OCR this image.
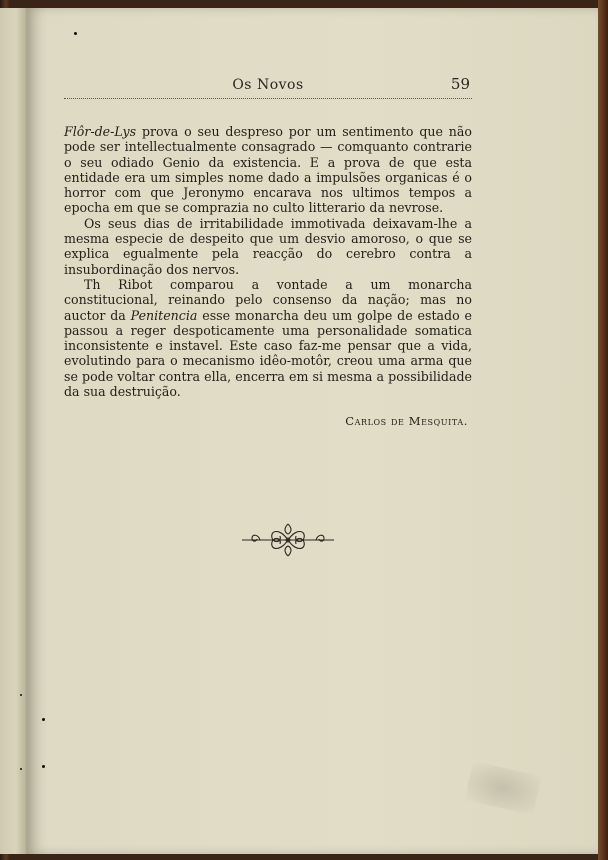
Os Novos	59

Flôr-de-Lys prova o seu despreso por um sentimento que não pode ser intellectualmente consagrado — comquanto contrarie o seu odiado Genio da existencia. E a prova de que esta entidade era um simples nome dado a impulsões organicas é o horror com que Jeronymo encarava nos ultimos tempos a epocha em que se comprazia no culto litterario da nevrose.

Os seus dias de irritabilidade immotivada deixavam-lhe a mesma especie de despeito que um desvio amoroso, o que se explica egualmente pela reacção do cerebro contra a insubordinação dos nervos.

Th Ribot comparou a vontade a um monarcha constitucional, reinando pelo consenso da nação; mas no auctor da Penitencia esse monarcha deu um golpe de estado e passou a reger despoticamente uma personalidade somatica inconsistente e instavel. Este caso faz-me pensar que a vida, evolutindo para o mecanismo idêo-motôr, creou uma arma que se pode voltar contra ella, encerra em si mesma a possibilidade da sua destruição.

Carlos de Mesquita.
